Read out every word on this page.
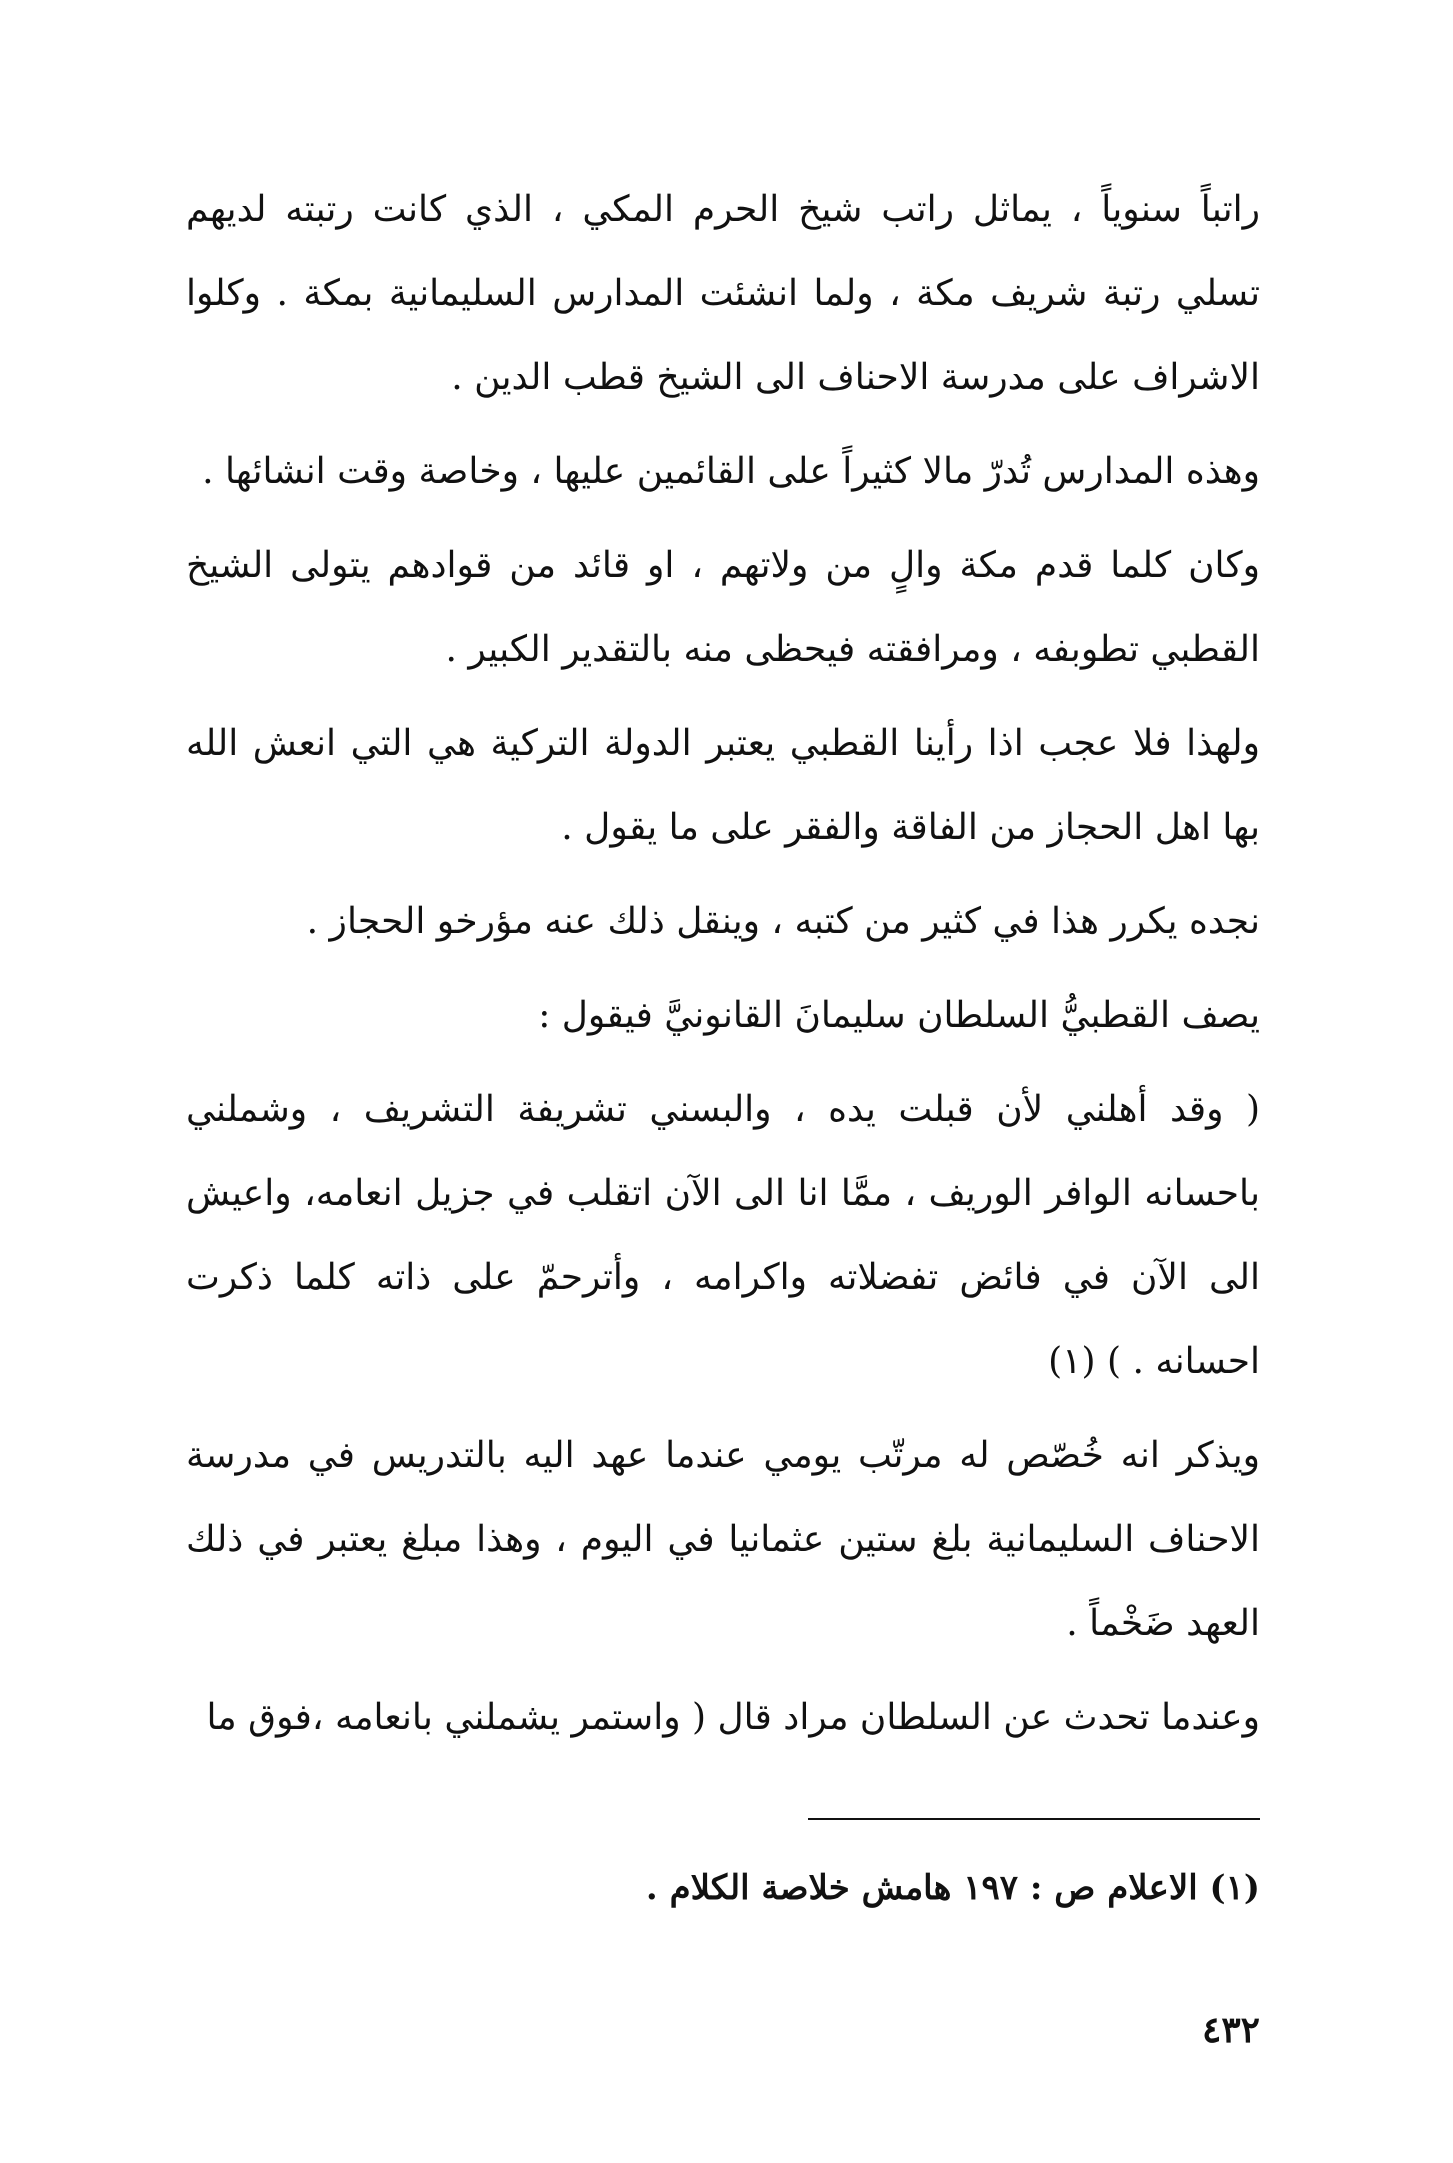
راتباً سنوياً ، يماثل راتب شيخ الحرم المكي ، الذي كانت رتبته لديهم تسلي رتبة شريف مكة ، ولما انشئت المدارس السليمانية بمكة . وكلوا الاشراف على مدرسة الاحناف الى الشيخ قطب الدين .

وهذه المدارس تُدرّ مالا كثيراً على القائمين عليها ، وخاصة وقت انشائها .

وكان كلما قدم مكة والٍ من ولاتهم ، او قائد من قوادهم يتولى الشيخ القطبي تطوبفه ، ومرافقته فيحظى منه بالتقدير الكبير .

ولهذا فلا عجب اذا رأينا القطبي يعتبر الدولة التركية هي التي انعش الله بها اهل الحجاز من الفاقة والفقر على ما يقول .

نجده يكرر هذا في كثير من كتبه ، وينقل ذلك عنه مؤرخو الحجاز .

يصف القطبيُّ السلطان سليمانَ القانونيَّ فيقول :

( وقد أهلني لأن قبلت يده ، والبسني تشريفة التشريف ، وشملني باحسانه الوافر الوريف ، ممَّا انا الى الآن اتقلب في جزيل انعامه، واعيش الى الآن في فائض تفضلاته واكرامه ، وأترحمّ على ذاته كلما ذكرت احسانه . ) (١)

ويذكر انه خُصّص له مرتّب يومي عندما عهد اليه بالتدريس في مدرسة الاحناف السليمانية بلغ ستين عثمانيا في اليوم ، وهذا مبلغ يعتبر في ذلك العهد ضَخْماً .

وعندما تحدث عن السلطان مراد قال ( واستمر يشملني بانعامه ،فوق ما

(١) الاعلام ص : ١٩٧ هامش خلاصة الكلام .
٤٣٢
